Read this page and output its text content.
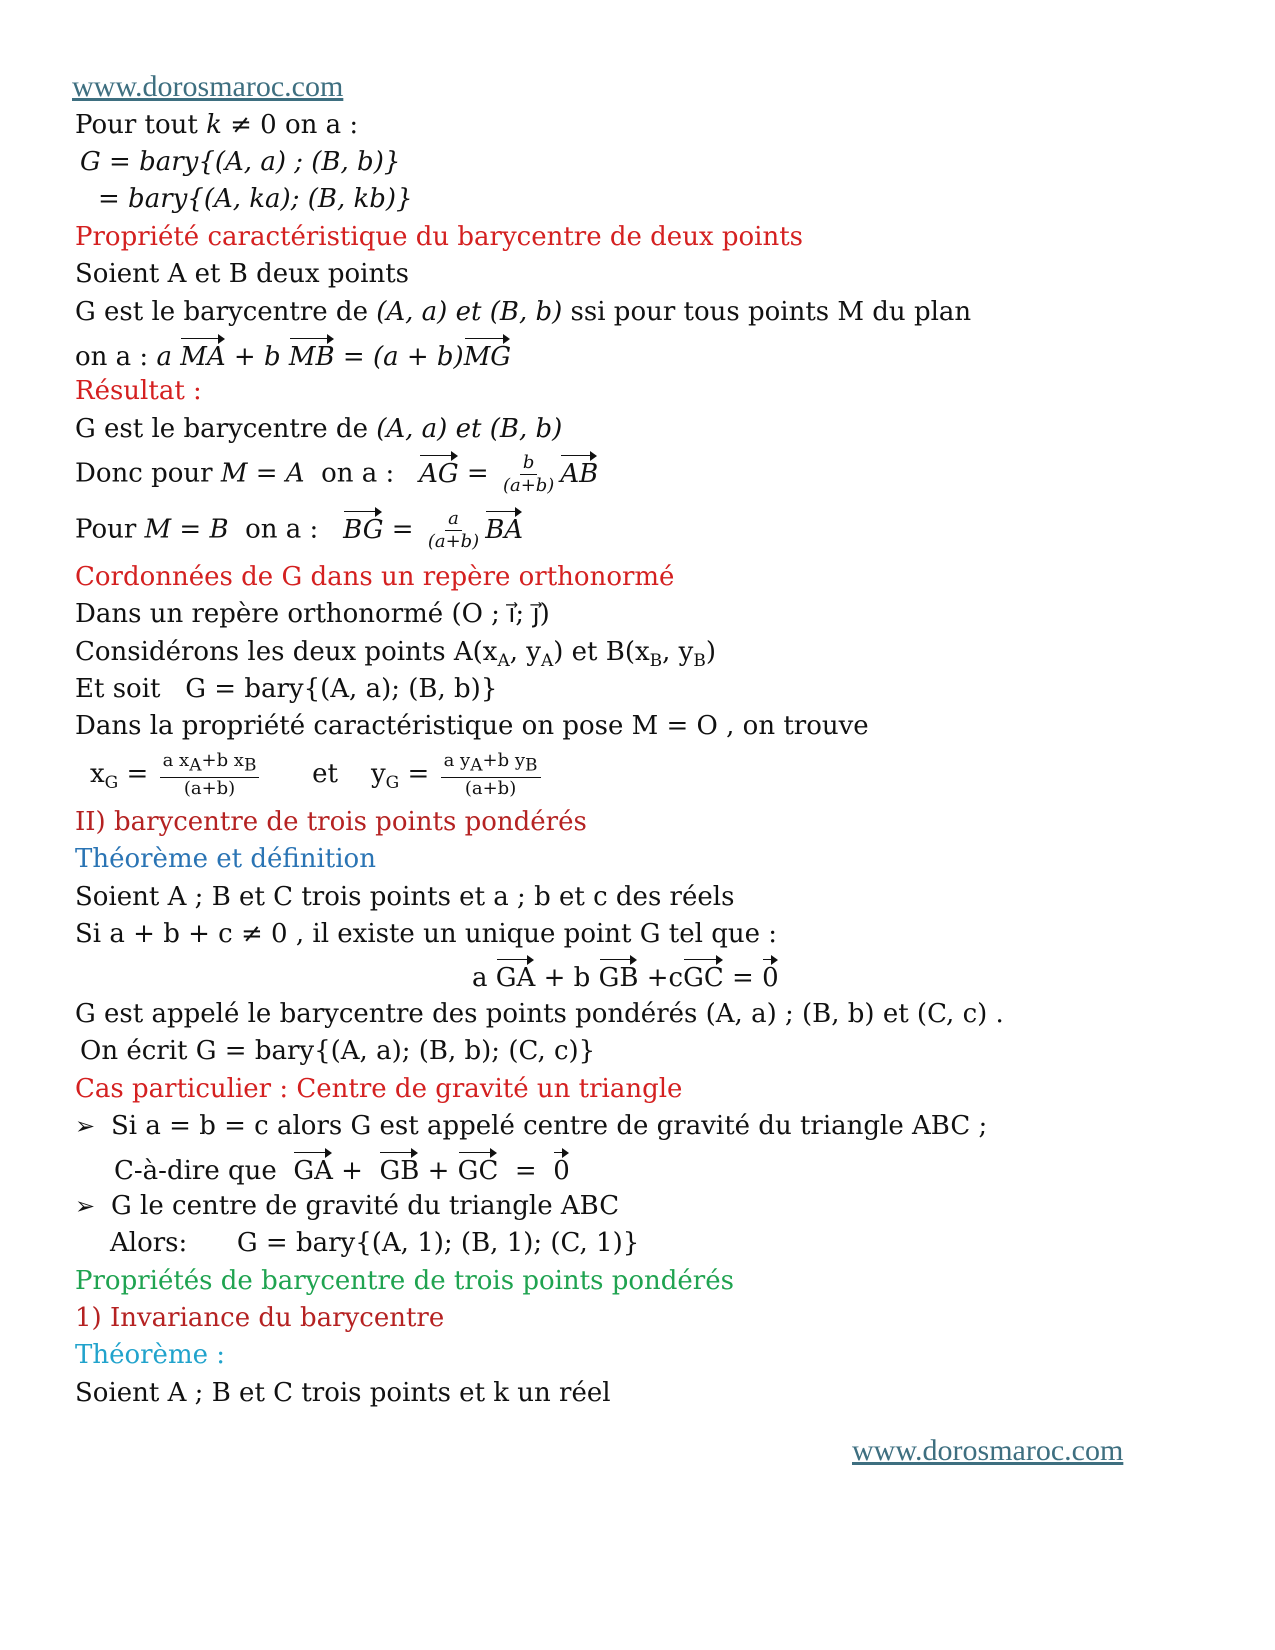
www.dorosmaroc.com
Pour tout k ≠ 0 on a :
G = bary{(A, a) ; (B, b)}
= bary{(A, ka); (B, kb)}
Propriété caractéristique du barycentre de deux points
Soient A et B deux points
G est le barycentre de (A, a) et (B, b) ssi pour tous points M du plan
on a : a MA + b MB = (a + b)MG
Résultat :
G est le barycentre de (A, a) et (B, b)
Donc pour M = A on a : AG = $\frac{b}{(a+b)}$ AB
Pour M = B on a : BG = $\frac{a}{(a+b)}$ BA
Cordonnées de G dans un repère orthonormé
Dans un repère orthonormé (O ; i⃗; j⃗)
Considérons les deux points $A(x_A$, $y_A$) et $B(x_B$, $y_B$)
Et soit G = bary{(A, a); (B, b)}
Dans la propriété caractéristique on pose M = O , on trouve
$x_G = \frac{a x_A+b x_B}{(a+b)}$ et $y_G = \frac{a y_A+b y_B}{(a+b)}$
II) barycentre de trois points pondérés
Théorème et définition
Soient A ; B et C trois points et a ; b et c des réels
Si a + b + c ≠ 0 , il existe un unique point G tel que :
a GA + b GB +cGC = 0
G est appelé le barycentre des points pondérés (A, a) ; (B, b) et (C, c) .
On écrit G = bary{(A, a); (B, b); (C, c)}
Cas particulier : Centre de gravité un triangle
➢ Si a = b = c alors G est appelé centre de gravité du triangle ABC ;
C-à-dire que GA + GB + GC = 0
➢ G le centre de gravité du triangle ABC
Alors: G = bary{(A, 1); (B, 1); (C, 1)}
Propriétés de barycentre de trois points pondérés
1) Invariance du barycentre
Théorème :
Soient A ; B et C trois points et k un réel
www.dorosmaroc.com
